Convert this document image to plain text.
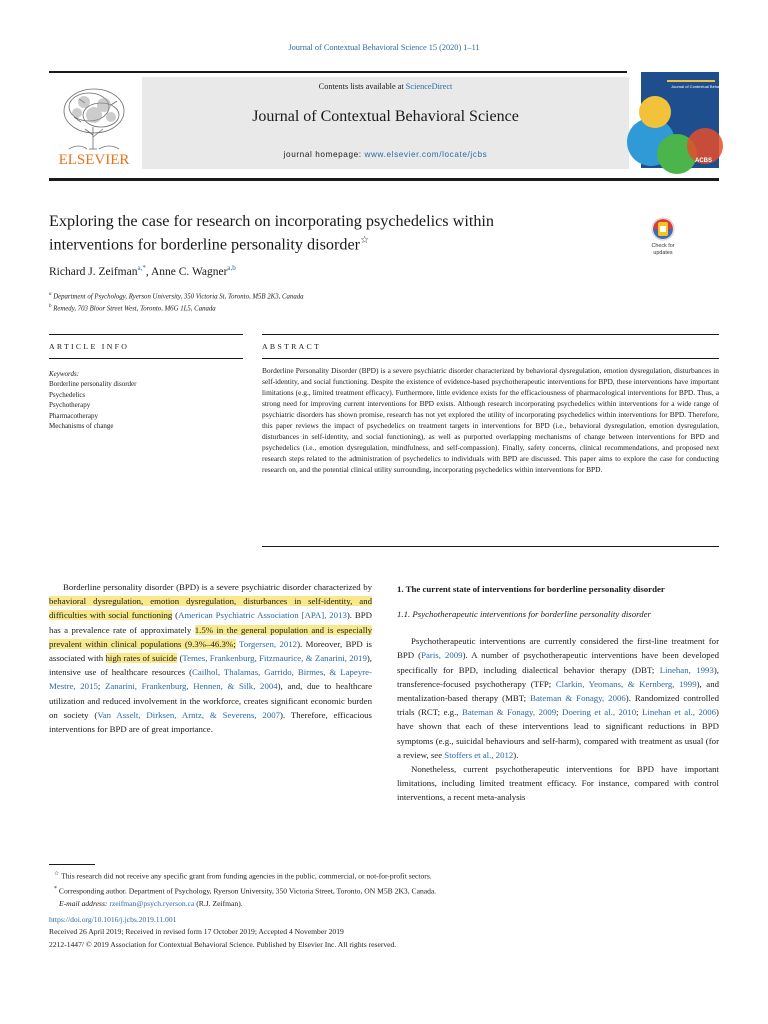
Journal of Contextual Behavioral Science 15 (2020) 1–11
ELSEVIER
Contents lists available at ScienceDirect
Journal of Contextual Behavioral Science
journal homepage: www.elsevier.com/locate/jcbs
Journal of Contextual Behavioral Science
ACBS
Exploring the case for research on incorporating psychedelics within
interventions for borderline personality disorder☆	Check for
updates
Richard J. Zeifman$^{a,*}$, Anne C. Wagner$^{a,b}$
$^a$ Department of Psychology, Ryerson University, 350 Victoria St, Toronto, M5B 2K3, Canada
$^b$ Remedy, 703 Bloor Street West, Toronto, M6G 1L5, Canada
ARTICLE INFO	ABSTRACT
Keywords:
Borderline personality disorder
Psychedelics
Psychotherapy
Pharmacotherapy
Mechanisms of change
Borderline Personality Disorder (BPD) is a severe psychiatric disorder characterized by behavioral dysregulation, emotion dysregulation, disturbances in self-identity, and social functioning. Despite the existence of evidence-based psychotherapeutic interventions for BPD, these interventions have important limitations (e.g., limited treatment efficacy). Furthermore, little evidence exists for the efficaciousness of pharmacological interventions for BPD. Thus, a strong need for improving current interventions for BPD exists. Although research incorporating psychedelics within interventions for a wide range of psychiatric disorders has shown promise, research has not yet explored the utility of incorporating psychedelics within interventions for BPD. Therefore, this paper reviews the impact of psychedelics on treatment targets in interventions for BPD (i.e., behavioral dysregulation, emotion dysregulation, disturbances in self-identity, and social functioning), as well as purported overlapping mechanisms of change between interventions for BPD and psychedelics (i.e., emotion dysregulation, mindfulness, and self-compassion). Finally, safety concerns, clinical recommendations, and proposed next research steps related to the administration of psychedelics to individuals with BPD are discussed. This paper aims to explore the case for conducting research on, and the potential clinical utility surrounding, incorporating psychedelics within interventions for BPD.

Borderline personality disorder (BPD) is a severe psychiatric disorder characterized by behavioral dysregulation, emotion dysregulation, disturbances in self-identity, and difficulties with social functioning (American Psychiatric Association [APA], 2013). BPD has a prevalence rate of approximately 1.5% in the general population and is especially prevalent within clinical populations (9.3%–46.3%; Torgersen, 2012). Moreover, BPD is associated with high rates of suicide (Temes, Frankenburg, Fitzmaurice, & Zanarini, 2019), intensive use of healthcare resources (Cailhol, Thalamas, Garrido, Birmes, & Lapeyre-Mestre, 2015; Zanarini, Frankenburg, Hennen, & Silk, 2004), and, due to healthcare utilization and reduced involvement in the workforce, creates significant economic burden on society (Van Asselt, Dirksen, Arntz, & Severens, 2007). Therefore, efficacious interventions for BPD are of great importance.

1. The current state of interventions for borderline personality disorder
1.1. Psychotherapeutic interventions for borderline personality disorder

Psychotherapeutic interventions are currently considered the first-line treatment for BPD (Paris, 2009). A number of psychotherapeutic interventions have been developed specifically for BPD, including dialectical behavior therapy (DBT; Linehan, 1993), transference-focused psychotherapy (TFP; Clarkin, Yeomans, & Kernberg, 1999), and mentalization-based therapy (MBT; Bateman & Fonagy, 2006). Randomized controlled trials (RCT; e.g., Bateman & Fonagy, 2009; Doering et al., 2010; Linehan et al., 2006) have shown that each of these interventions lead to significant reductions in BPD symptoms (e.g., suicidal behaviours and self-harm), compared with treatment as usual (for a review, see Stoffers et al., 2012).

Nonetheless, current psychotherapeutic interventions for BPD have important limitations, including limited treatment efficacy. For instance, compared with control interventions, a recent meta-analysis

☆ This research did not receive any specific grant from funding agencies in the public, commercial, or not-for-profit sectors.
* Corresponding author. Department of Psychology, Ryerson University, 350 Victoria Street, Toronto, ON M5B 2K3, Canada.
E-mail address: rzeifman@psych.ryerson.ca (R.J. Zeifman).
https://doi.org/10.1016/j.jcbs.2019.11.001
Received 26 April 2019; Received in revised form 17 October 2019; Accepted 4 November 2019
2212-1447/ © 2019 Association for Contextual Behavioral Science. Published by Elsevier Inc. All rights reserved.
